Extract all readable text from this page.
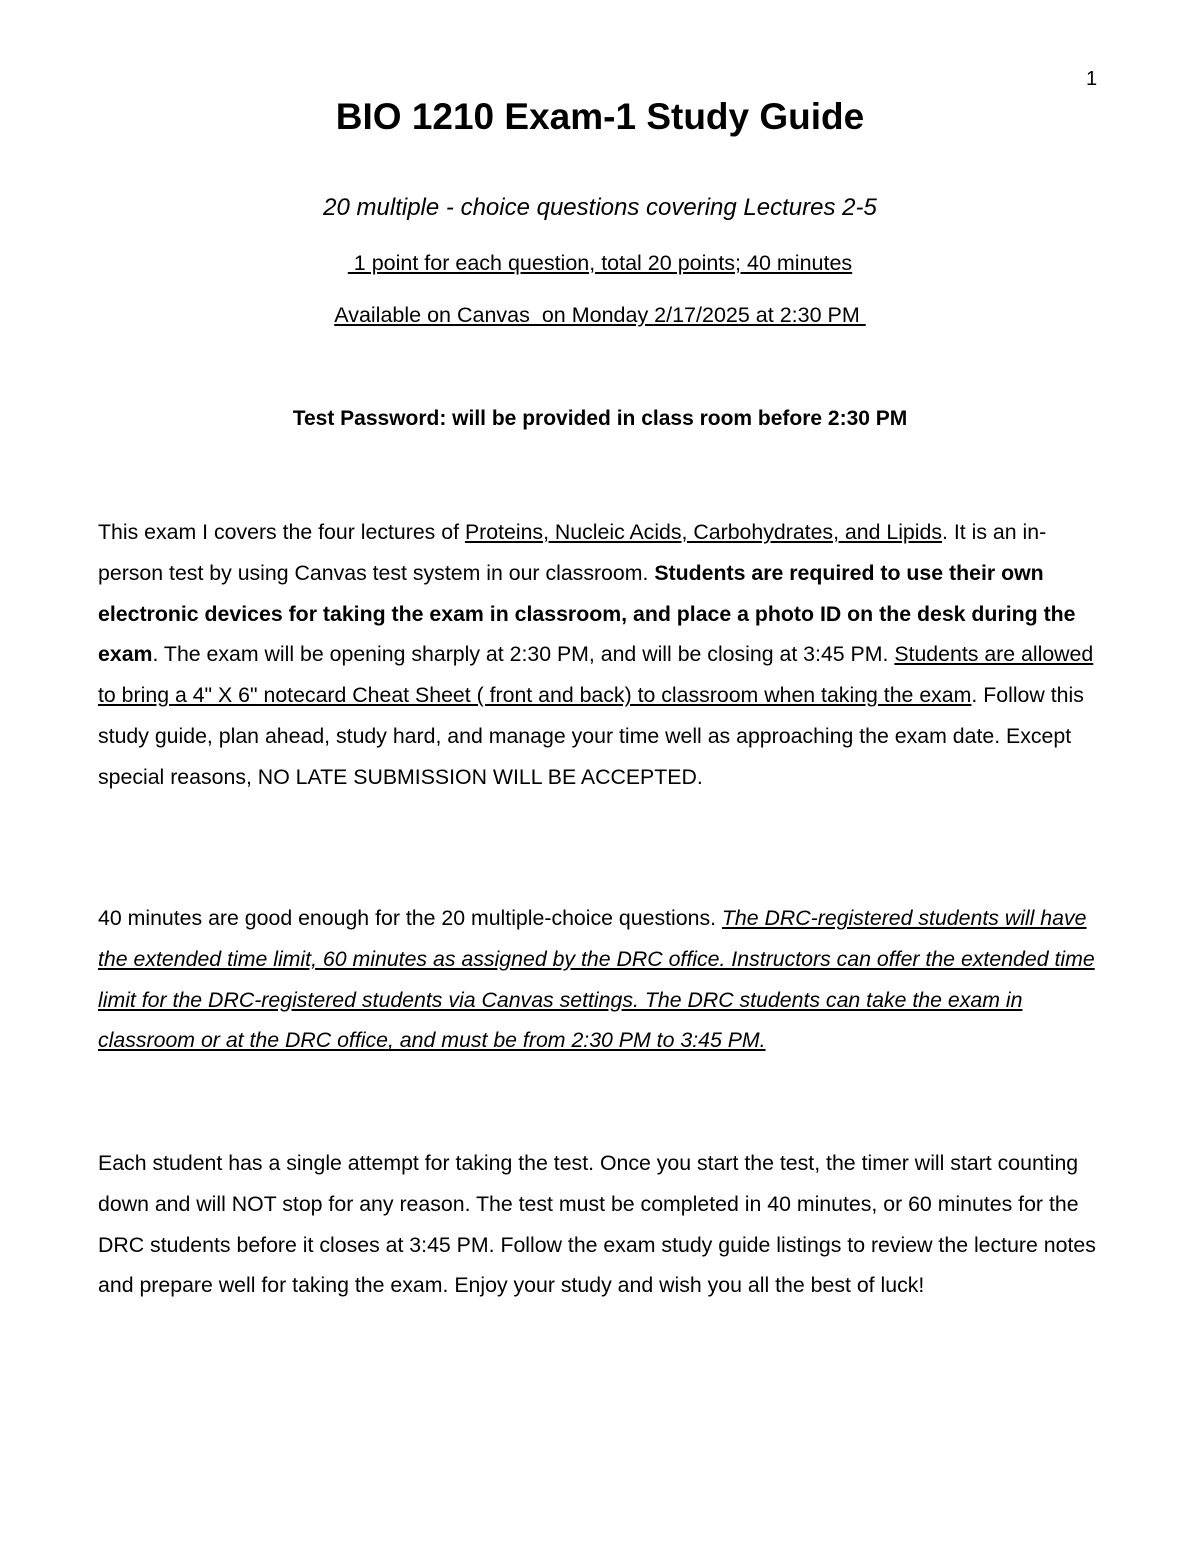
1
BIO 1210 Exam-1 Study Guide

20 multiple - choice questions covering Lectures 2-5

1 point for each question, total 20 points; 40 minutes

Available on Canvas  on Monday 2/17/2025 at 2:30 PM

Test Password: will be provided in class room before 2:30 PM

This exam I covers the four lectures of Proteins, Nucleic Acids, Carbohydrates, and Lipids. It is an in-person test by using Canvas test system in our classroom. Students are required to use their own electronic devices for taking the exam in classroom, and place a photo ID on the desk during the exam. The exam will be opening sharply at 2:30 PM, and will be closing at 3:45 PM. Students are allowed to bring a 4" X 6" notecard Cheat Sheet ( front and back) to classroom when taking the exam. Follow this study guide, plan ahead, study hard, and manage your time well as approaching the exam date. Except special reasons, NO LATE SUBMISSION WILL BE ACCEPTED.

40 minutes are good enough for the 20 multiple-choice questions. The DRC-registered students will have the extended time limit, 60 minutes as assigned by the DRC office. Instructors can offer the extended time limit for the DRC-registered students via Canvas settings. The DRC students can take the exam in classroom or at the DRC office, and must be from 2:30 PM to 3:45 PM.

Each student has a single attempt for taking the test. Once you start the test, the timer will start counting down and will NOT stop for any reason. The test must be completed in 40 minutes, or 60 minutes for the DRC students before it closes at 3:45 PM. Follow the exam study guide listings to review the lecture notes and prepare well for taking the exam. Enjoy your study and wish you all the best of luck!
